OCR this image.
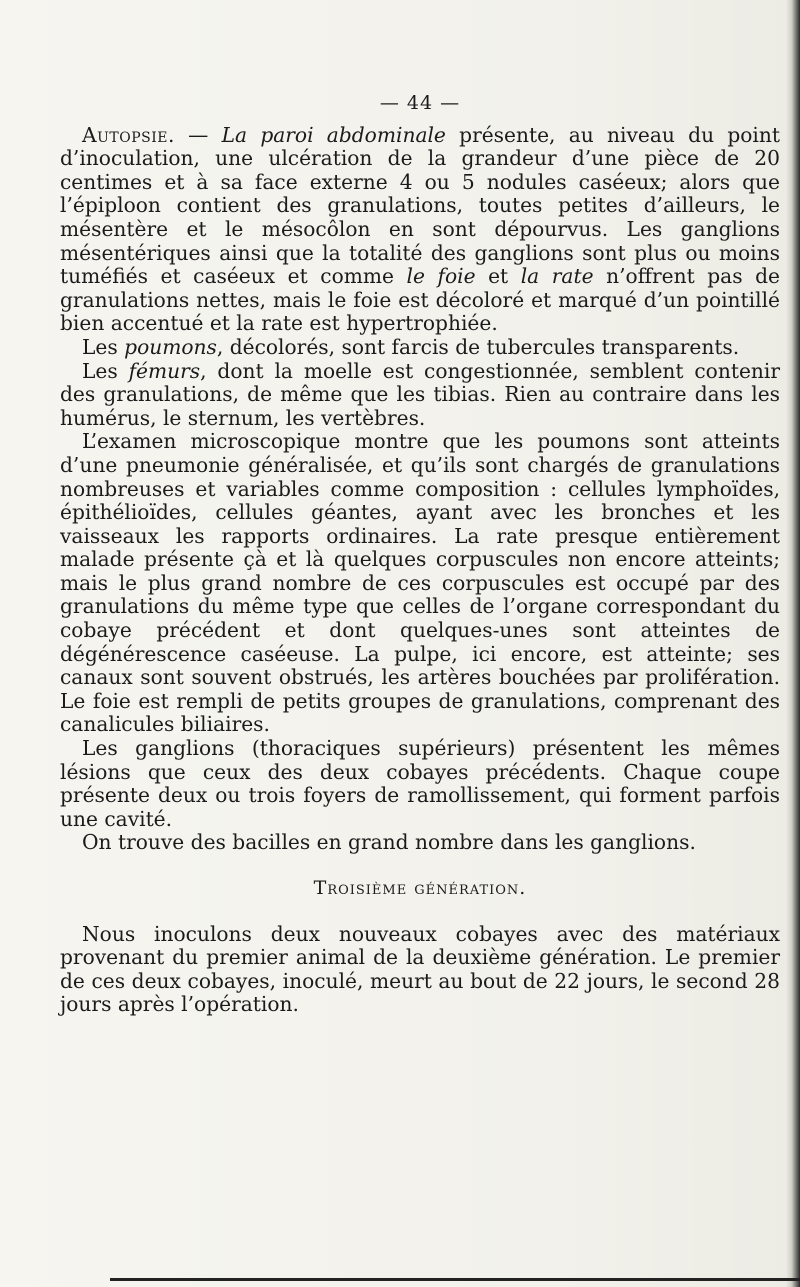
— 44 —

Autopsie. — La paroi abdominale présente, au niveau du point d’inoculation, une ulcération de la grandeur d’une pièce de 20 centimes et à sa face externe 4 ou 5 nodules caséeux; alors que l’épiploon contient des granulations, toutes petites d’ailleurs, le mésentère et le mésocôlon en sont dépourvus. Les ganglions mésentériques ainsi que la totalité des ganglions sont plus ou moins tuméfiés et caséeux et comme le foie et la rate n’offrent pas de granulations nettes, mais le foie est décoloré et marqué d’un pointillé bien accentué et la rate est hypertrophiée.

Les poumons, décolorés, sont farcis de tubercules transparents.

Les fémurs, dont la moelle est congestionnée, semblent contenir des granulations, de même que les tibias. Rien au contraire dans les humérus, le sternum, les vertèbres.

L’examen microscopique montre que les poumons sont atteints d’une pneumonie généralisée, et qu’ils sont chargés de granulations nombreuses et variables comme composition : cellules lymphoïdes, épithélioïdes, cellules géantes, ayant avec les bronches et les vaisseaux les rapports ordinaires. La rate presque entièrement malade présente çà et là quelques corpuscules non encore atteints; mais le plus grand nombre de ces corpuscules est occupé par des granulations du même type que celles de l’organe correspondant du cobaye précédent et dont quelques-unes sont atteintes de dégénérescence caséeuse. La pulpe, ici encore, est atteinte; ses canaux sont souvent obstrués, les artères bouchées par prolifération. Le foie est rempli de petits groupes de granulations, comprenant des canalicules biliaires.

Les ganglions (thoraciques supérieurs) présentent les mêmes lésions que ceux des deux cobayes précédents. Chaque coupe présente deux ou trois foyers de ramollissement, qui forment parfois une cavité.

On trouve des bacilles en grand nombre dans les ganglions.

Troisième génération.

Nous inoculons deux nouveaux cobayes avec des matériaux provenant du premier animal de la deuxième génération. Le premier de ces deux cobayes, inoculé, meurt au bout de 22 jours, le second 28 jours après l’opération.
